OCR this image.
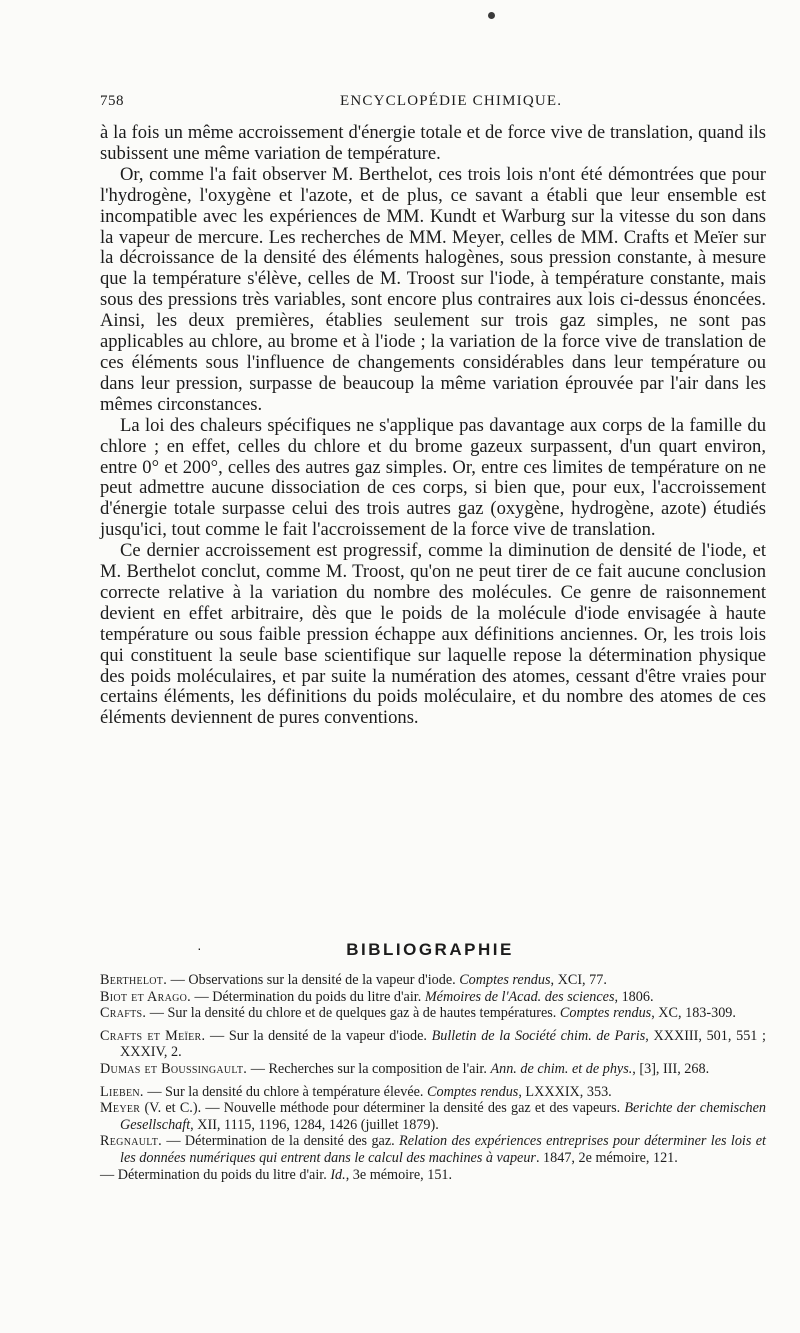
758	ENCYCLOPÉDIE CHIMIQUE.

à la fois un même accroissement d'énergie totale et de force vive de translation, quand ils subissent une même variation de température.

Or, comme l'a fait observer M. Berthelot, ces trois lois n'ont été démontrées que pour l'hydrogène, l'oxygène et l'azote, et de plus, ce savant a établi que leur ensemble est incompatible avec les expériences de MM. Kundt et Warburg sur la vitesse du son dans la vapeur de mercure. Les recherches de MM. Meyer, celles de MM. Crafts et Meïer sur la décroissance de la densité des éléments halogènes, sous pression constante, à mesure que la température s'élève, celles de M. Troost sur l'iode, à température constante, mais sous des pressions très variables, sont encore plus contraires aux lois ci-dessus énoncées. Ainsi, les deux premières, établies seulement sur trois gaz simples, ne sont pas applicables au chlore, au brome et à l'iode ; la variation de la force vive de translation de ces éléments sous l'influence de changements considérables dans leur température ou dans leur pression, surpasse de beaucoup la même variation éprouvée par l'air dans les mêmes circonstances.

La loi des chaleurs spécifiques ne s'applique pas davantage aux corps de la famille du chlore ; en effet, celles du chlore et du brome gazeux surpassent, d'un quart environ, entre 0° et 200°, celles des autres gaz simples. Or, entre ces limites de température on ne peut admettre aucune dissociation de ces corps, si bien que, pour eux, l'accroissement d'énergie totale surpasse celui des trois autres gaz (oxygène, hydrogène, azote) étudiés jusqu'ici, tout comme le fait l'accroissement de la force vive de translation.

Ce dernier accroissement est progressif, comme la diminution de densité de l'iode, et M. Berthelot conclut, comme M. Troost, qu'on ne peut tirer de ce fait aucune conclusion correcte relative à la variation du nombre des molécules. Ce genre de raisonnement devient en effet arbitraire, dès que le poids de la molécule d'iode envisagée à haute température ou sous faible pression échappe aux définitions anciennes. Or, les trois lois qui constituent la seule base scientifique sur laquelle repose la détermination physique des poids moléculaires, et par suite la numération des atomes, cessant d'être vraies pour certains éléments, les définitions du poids moléculaire, et du nombre des atomes de ces éléments deviennent de pures conventions.

·	BIBLIOGRAPHIE

Berthelot. — Observations sur la densité de la vapeur d'iode. Comptes rendus, XCI, 77.

Biot et Arago. — Détermination du poids du litre d'air. Mémoires de l'Acad. des sciences, 1806.

Crafts. — Sur la densité du chlore et de quelques gaz à de hautes températures. Comptes rendus, XC, 183-309.

Crafts et Meïer. — Sur la densité de la vapeur d'iode. Bulletin de la Société chim. de Paris, XXXIII, 501, 551 ; XXXIV, 2.

Dumas et Boussingault. — Recherches sur la composition de l'air. Ann. de chim. et de phys., [3], III, 268.

Lieben. — Sur la densité du chlore à température élevée. Comptes rendus, LXXXIX, 353.

Meyer (V. et C.). — Nouvelle méthode pour déterminer la densité des gaz et des vapeurs. Berichte der chemischen Gesellschaft, XII, 1115, 1196, 1284, 1426 (juillet 1879).

Regnault. — Détermination de la densité des gaz. Relation des expériences entreprises pour déterminer les lois et les données numériques qui entrent dans le calcul des machines à vapeur. 1847, 2e mémoire, 121.

— Détermination du poids du litre d'air. Id., 3e mémoire, 151.
